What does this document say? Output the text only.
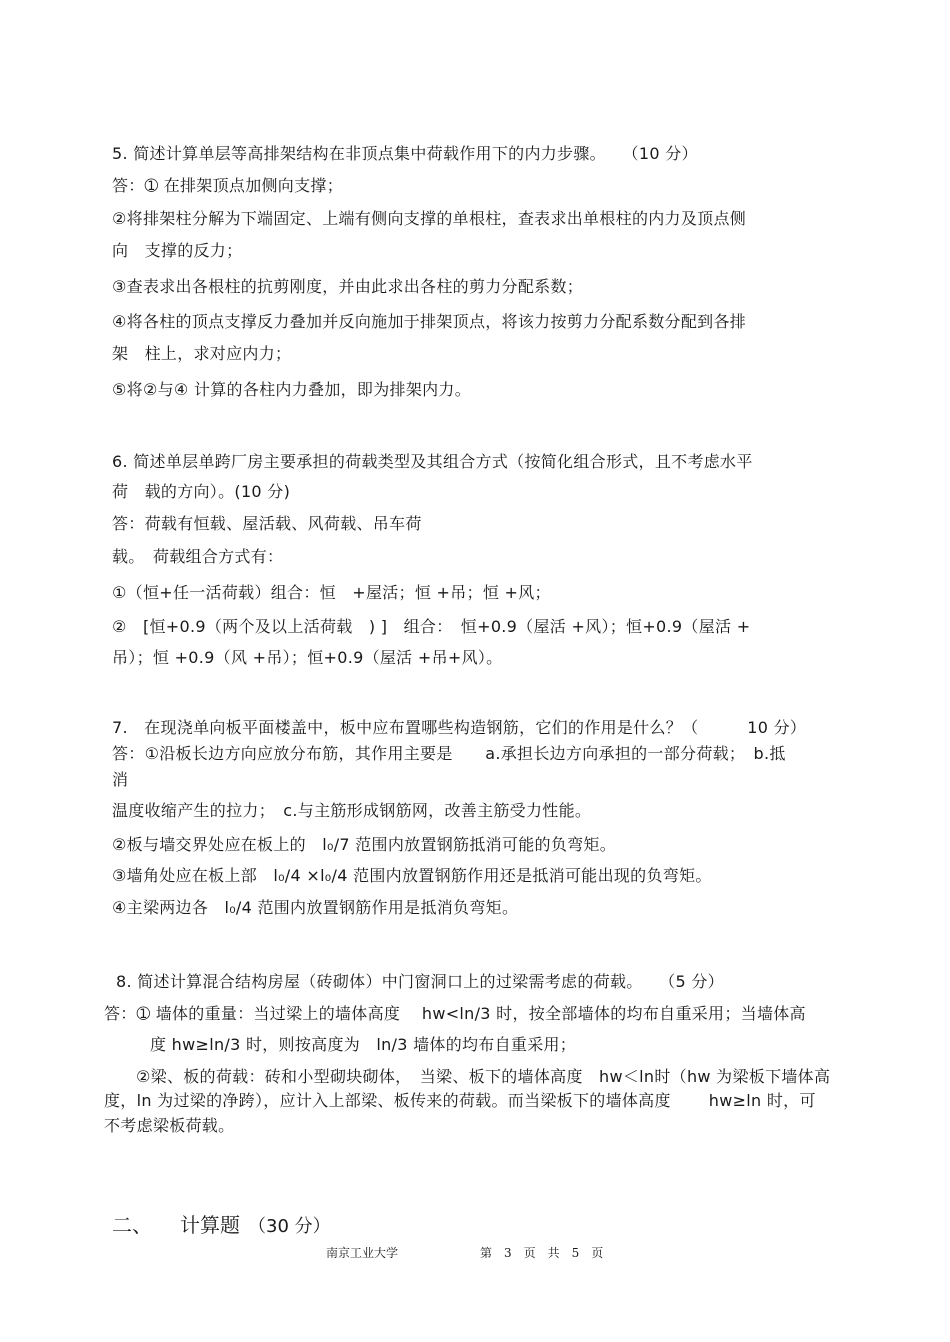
5. 简述计算单层等高排架结构在非顶点集中荷载作用下的内力步骤。　　（10 分）
答：➀ 在排架顶点加侧向支撑；
②将排架柱分解为下端固定、上端有侧向支撑的单根柱，查表求出单根柱的内力及顶点侧
向　支撑的反力；
③查表求出各根柱的抗剪刚度，并由此求出各柱的剪力分配系数；
④将各柱的顶点支撑反力叠加并反向施加于排架顶点，将该力按剪力分配系数分配到各排
架　柱上，求对应内力；
⑤将②与④ 计算的各柱内力叠加，即为排架内力。
6. 简述单层单跨厂房主要承担的荷载类型及其组合方式（按简化组合形式，且不考虑水平
荷　载的方向）。(10 分)
答：荷载有恒载、屋活载、风荷载、吊车荷
载。　荷载组合方式有：
①（恒+任一活荷载）组合：恒　+屋活；恒 +吊；恒 +风；
②　[恒+0.9（两个及以上活荷载　) ]　组合：　恒+0.9（屋活 +风）；恒+0.9（屋活 +
吊）；恒 +0.9（风 +吊）；恒+0.9（屋活 +吊+风）。
7.　在现浇单向板平面楼盖中，板中应布置哪些构造钢筋，它们的作用是什么？（　　　10 分）
答：①沿板长边方向应放分布筋，其作用主要是　　a.承担长边方向承担的一部分荷载；　b.抵
消
温度收缩产生的拉力；　c.与主筋形成钢筋网，改善主筋受力性能。
②板与墙交界处应在板上的　l₀/7 范围内放置钢筋抵消可能的负弯矩。
③墙角处应在板上部　l₀/4 ×l₀/4 范围内放置钢筋作用还是抵消可能出现的负弯矩。
④主梁两边各　l₀/4 范围内放置钢筋作用是抵消负弯矩。
8. 简述计算混合结构房屋（砖砌体）中门窗洞口上的过梁需考虑的荷载。　　（5 分）
答：➀ 墙体的重量：当过梁上的墙体高度　 hw<ln/3 时，按全部墙体的均布自重采用；当墙体高
度 hw≥ln/3 时，则按高度为　ln/3 墙体的均布自重采用；
②梁、板的荷载：砖和小型砌块砌体，　当梁、板下的墙体高度　hw＜ln时（hw 为梁板下墙体高
度，ln 为过梁的净跨），应计入上部梁、板传来的荷载。而当梁板下的墙体高度　　 hw≥ln 时，可
不考虑梁板荷载。
二、 计算题 （30 分）
南京工业大学	第　3　页　共　5　页
